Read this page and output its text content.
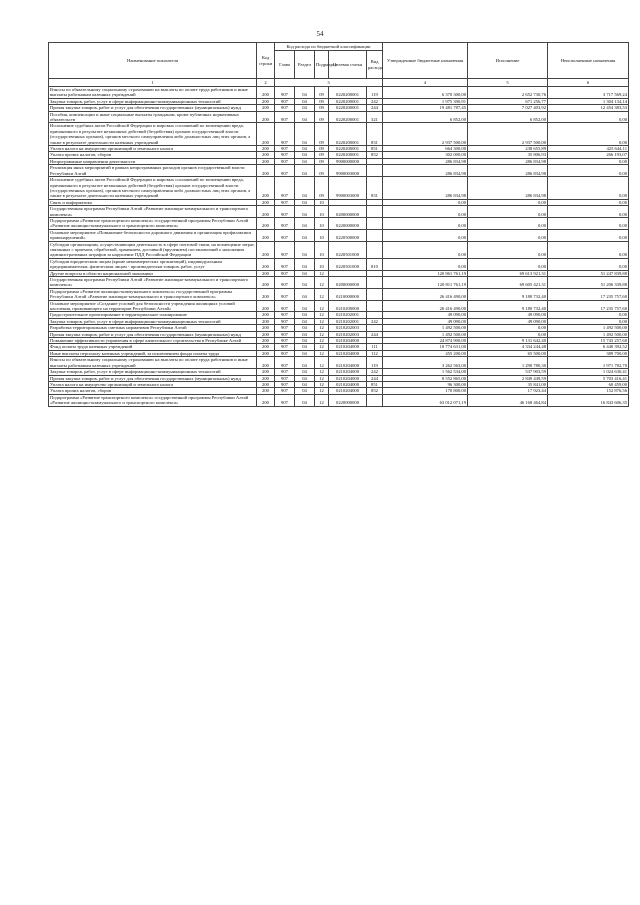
54
Наименование показателя	Код строки	Код расхода по бюджетной классификации					Утвержденные бюджетные назначения	Исполнение	Неисполненные назначения
		Глава	Раздел	Подраздел	Целевая статья	Вид расхода			
1	2	3					4	5	6
Взносы по обязательному социальному страхованию на выплаты по оплате труда работников и иные выплаты работникам казенных учреждений	200	907	04	09	0220200001	119	6 370 300,00	2 652 730,76	3 717 569,24
Закупка товаров, работ, услуг в сфере информационно-коммуникационных технологий	200	907	04	09	0220200001	242	1 975 390,91	671 256,77	1 304 134,14
Прочая закупка товаров, работ и услуг для обеспечения государственных (муниципальных) нужд	200	907	04	09	0220200001	244	19 481 787,45	7 027 403,92	12 454 383,53
Пособия, компенсации и иные социальные выплаты гражданам, кроме публичных нормативных обязательств	200	907	04	09	0220200001	321	6 852,00	6 852,00	0,00
Исполнение судебных актов Российской Федерации и мировых соглашений по возмещению вреда, причиненного в результате незаконных действий (бездействия) органов государственной власти (государственных органов), органов местного самоуправления либо должностных лиц этих органов, а также в результате деятельности казенных учреждений	200	907	04	09	0220200001	831	2 937 500,00	2 937 500,00	0,00
Уплата налога на имущество организаций и земельного налога	200	907	04	09	0220200001	851	664 300,00	238 655,89	425 644,11
Уплата прочих налогов, сборов	200	907	04	09	0220200001	852	302 000,00	35 806,93	266 193,07
Непрограммные направления деятельности	200	907	04	09	9900000000		286 834,98	286 834,98	0,00
Реализация иных мероприятий в рамках непрограммных расходов органов государственной власти Республики Алтай	200	907	04	09	9900003000		286 834,98	286 834,98	0,00
Исполнение судебных актов Российской Федерации и мировых соглашений по возмещению вреда, причиненного в результате незаконных действий (бездействия) органов государственной власти (государственных органов), органов местного самоуправления либо должностных лиц этих органов, а также в результате деятельности казенных учреждений	200	907	04	09	9900003000	831	286 834,98	286 834,98	0,00
Связь и информатика	200	907	04	10			0,00	0,00	0,00
Государственная программа Республики Алтай «Развитие жилищно-коммунального и транспортного комплекса»	200	907	04	10	0200000000		0,00	0,00	0,00
Подпрограмма «Развитие транспортного комплекса» государственной программы Республики Алтай «Развитие жилищно-коммунального и транспортного комплекса»	200	907	04	10	0220000000		0,00	0,00	0,00
Основное мероприятие «Повышение безопасности дорожного движения и организация профилактики правонарушений»	200	907	04	10	0220500000		0,00	0,00	0,00
Субсидии организациям, осуществляющим деятельность в сфере почтовой связи, на возмещение затрат, связанных с приемом, обработкой, хранением, доставкой (вручением) постановлений о наложении административных штрафов за нарушение ПДД Российской Федерации	200	907	04	10	0220501000		0,00	0,00	0,00
Субсидии юридическим лицам (кроме некоммерческих организаций), индивидуальным предпринимателям, физическим лицам - производителям товаров, работ, услуг	200	907	04	10	0220501000	810	0,00	0,00	0,00
Другие вопросы в области национальной экономики	200	907	04	12			120 861 761,19	69 613 921,31	51 247 839,88
Государственная программа Республики Алтай «Развитие жилищно-коммунального и транспортного комплекса»	200	907	04	12	0200000000		120 811 761,19	69 605 421,31	51 206 339,88
Подпрограмма «Развитие жилищно-коммунального комплекса» государственной программы Республики Алтай «Развитие жилищно-коммунального и транспортного комплекса»	200	907	04	12	0210000000		26 416 490,00	9 180 732,40	17 235 757,60
Основное мероприятие «Создание условий для безопасности учреждения жилищных условий населения, проживающего на территории Республики Алтай»	200	907	04	12	0210200000		26 416 490,00	9 180 732,40	17 235 757,60
Градостроительное проектирование в территориальное планирование	200	907	04	12	0210202001		49 090,00	49 090,00	0,00
Закупка товаров, работ, услуг в сфере информационно-коммуникационных технологий	200	907	04	12	0210202001	242	49 090,00	49 090,00	0,00
Разработка территориальных сметных нормативов Республики Алтай	200	907	04	12	0210202003		1 492 500,00	0,00	1 492 500,00
Прочая закупка товаров, работ и услуг для обеспечения государственных (муниципальных) нужд	200	907	04	12	0210202003	244	1 492 500,00	0,00	1 492 500,00
Повышение эффективности управления в сфере капитального строительства в Республике Алтай	200	907	04	12	0210204000		24 874 900,00	9 131 642,40	15 743 257,60
Фонд оплаты труда казенных учреждений	200	907	04	12	0210204000	111	10 774 631,00	4 334 244,48	6 440 392,52
Иные выплаты персоналу казенных учреждений, за исключением фонда оплаты труда	200	907	04	12	0210204000	112	455 200,00	65 500,00	389 700,00
Взносы по обязательному социальному страхованию на выплаты по оплате труда работников и иные выплаты работникам казенных учреждений	200	907	04	12	0210204000	119	3 262 563,00	1 290 780,30	1 971 782,70
Закупка товаров, работ, услуг в сфере информационно-коммуникационных технологий	200	907	04	12	0210204000	242	1 562 534,00	537 903,59	1 024 630,41
Прочая закупка товаров, работ и услуг для обеспечения государственных (муниципальных) нужд	200	907	04	12	0210204000	244	8 552 865,00	2 849 449,59	5 703 416,41
Уплата налога на имущество организаций и земельного налога	200	907	04	12	0210204000	851	96 300,00	35 841,00	60 459,00
Уплата прочих налогов, сборов	200	907	04	12	0210204000	852	170 800,00	17 923,44	152 876,56
Подпрограмма «Развитие транспортного комплекса» государственной программы Республики Алтай «Развитие жилищно-коммунального и транспортного комплекса»	200	907	04	12	0220000000		63 012 071,19	46 168 464,84	16 843 606,35
